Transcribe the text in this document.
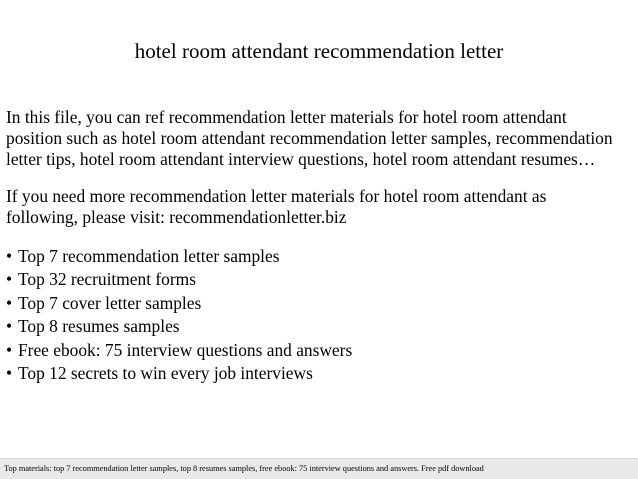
hotel room attendant recommendation letter
In this file, you can ref recommendation letter materials for hotel room attendant
position such as hotel room attendant recommendation letter samples, recommendation
letter tips, hotel room attendant interview questions, hotel room attendant resumes…
If you need more recommendation letter materials for hotel room attendant as
following, please visit: recommendationletter.biz
• Top 7 recommendation letter samples
• Top 32 recruitment forms
• Top 7 cover letter samples
• Top 8 resumes samples
• Free ebook: 75 interview questions and answers
• Top 12 secrets to win every job interviews
Top materials: top 7 recommendation letter samples, top 8 resumes samples, free ebook: 75 interview questions and answers. Free pdf download
